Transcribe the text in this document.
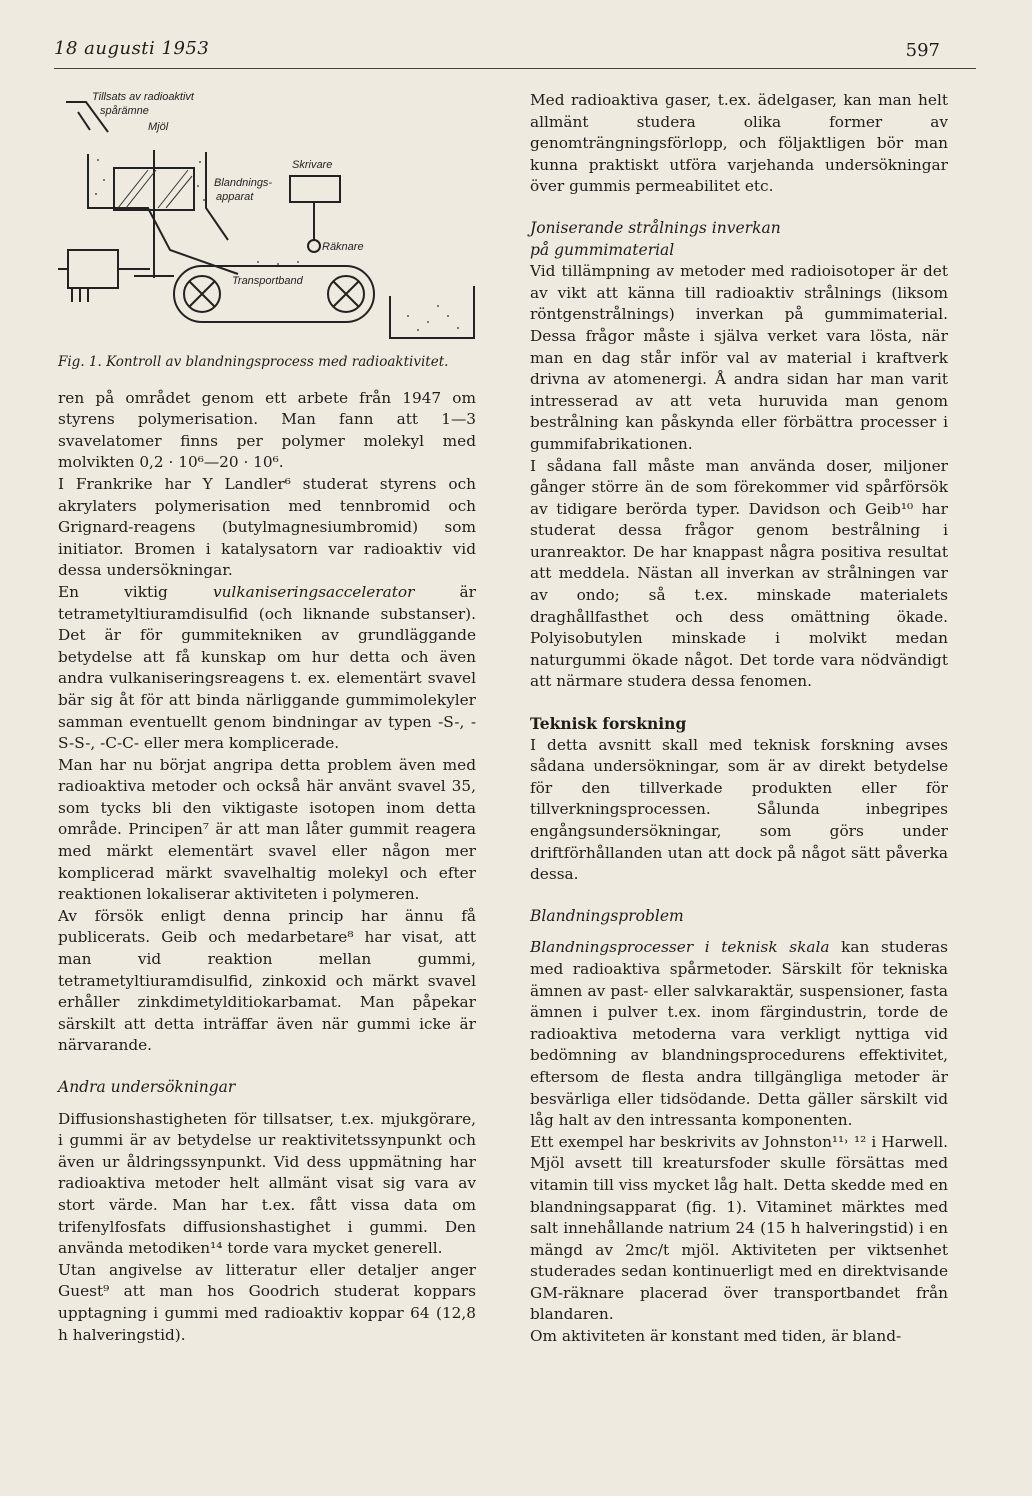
18 augusti 1953	597
Tillsats av radioaktivt
spårämne
Mjöl
Skrivare
Blandnings-
apparat
Räknare
Transportband
Fig. 1. Kontroll av blandningsprocess med radioaktivitet.

ren på området genom ett arbete från 1947 om styrens polymerisation. Man fann att 1—3 svavelatomer finns per polymer molekyl med molvikten 0,2 · 10⁶—20 · 10⁶.

I Frankrike har Y Landler⁶ studerat styrens och akrylaters polymerisation med tennbromid och Grignard-reagens (butylmagnesiumbromid) som initiator. Bromen i katalysatorn var radioaktiv vid dessa undersökningar.

En viktig vulkaniseringsaccelerator är tetrametyltiuramdisulfid (och liknande substanser). Det är för gummitekniken av grundläggande betydelse att få kunskap om hur detta och även andra vulkaniseringsreagens t. ex. elementärt svavel bär sig åt för att binda närliggande gummimolekyler samman eventuellt genom bindningar av typen -S-, -S-S-, -C-C- eller mera komplicerade.

Man har nu börjat angripa detta problem även med radioaktiva metoder och också här använt svavel 35, som tycks bli den viktigaste isotopen inom detta område. Principen⁷ är att man låter gummit reagera med märkt elementärt svavel eller någon mer komplicerad märkt svavelhaltig molekyl och efter reaktionen lokaliserar aktiviteten i polymeren.

Av försök enligt denna princip har ännu få publicerats. Geib och medarbetare⁸ har visat, att man vid reaktion mellan gummi, tetrametyltiuramdisulfid, zinkoxid och märkt svavel erhåller zinkdimetylditiokarbamat. Man påpekar särskilt att detta inträffar även när gummi icke är närvarande.

Andra undersökningar

Diffusionshastigheten för tillsatser, t.ex. mjukgörare, i gummi är av betydelse ur reaktivitetssynpunkt och även ur åldringssynpunkt. Vid dess uppmätning har radioaktiva metoder helt allmänt visat sig vara av stort värde. Man har t.ex. fått vissa data om trifenylfosfats diffusionshastighet i gummi. Den använda metodiken¹⁴ torde vara mycket generell.

Utan angivelse av litteratur eller detaljer anger Guest⁹ att man hos Goodrich studerat koppars upptagning i gummi med radioaktiv koppar 64 (12,8 h halveringstid).

Med radioaktiva gaser, t.ex. ädelgaser, kan man helt allmänt studera olika former av genomträngningsförlopp, och följaktligen bör man kunna praktiskt utföra varjehanda undersökningar över gummis permeabilitet etc.

Joniserande strålnings inverkan
på gummimaterial

Vid tillämpning av metoder med radioisotoper är det av vikt att känna till radioaktiv strålnings (liksom röntgenstrålnings) inverkan på gummimaterial. Dessa frågor måste i själva verket vara lösta, när man en dag står inför val av material i kraftverk drivna av atomenergi. Å andra sidan har man varit intresserad av att veta huruvida man genom bestrålning kan påskynda eller förbättra processer i gummifabrikationen.

I sådana fall måste man använda doser, miljoner gånger större än de som förekommer vid spårförsök av tidigare berörda typer. Davidson och Geib¹⁰ har studerat dessa frågor genom bestrålning i uranreaktor. De har knappast några positiva resultat att meddela. Nästan all inverkan av strålningen var av ondo; så t.ex. minskade materialets draghållfasthet och dess omättning ökade. Polyisobutylen minskade i molvikt medan naturgummi ökade något. Det torde vara nödvändigt att närmare studera dessa fenomen.

Teknisk forskning

I detta avsnitt skall med teknisk forskning avses sådana undersökningar, som är av direkt betydelse för den tillverkade produkten eller för tillverkningsprocessen. Sålunda inbegripes engångsundersökningar, som görs under driftförhållanden utan att dock på något sätt påverka dessa.

Blandningsproblem

Blandningsprocesser i teknisk skala kan studeras med radioaktiva spårmetoder. Särskilt för tekniska ämnen av past- eller salvkaraktär, suspensioner, fasta ämnen i pulver t.ex. inom färgindustrin, torde de radioaktiva metoderna vara verkligt nyttiga vid bedömning av blandningsprocedurens effektivitet, eftersom de flesta andra tillgängliga metoder är besvärliga eller tidsödande. Detta gäller särskilt vid låg halt av den intressanta komponenten.

Ett exempel har beskrivits av Johnston¹¹˒ ¹² i Harwell. Mjöl avsett till kreatursfoder skulle försättas med vitamin till viss mycket låg halt. Detta skedde med en blandningsapparat (fig. 1). Vitaminet märktes med salt innehållande natrium 24 (15 h halveringstid) i en mängd av 2mc/t mjöl. Aktiviteten per viktsenhet studerades sedan kontinuerligt med en direktvisande GM-räknare placerad över transportbandet från blandaren.

Om aktiviteten är konstant med tiden, är bland-
